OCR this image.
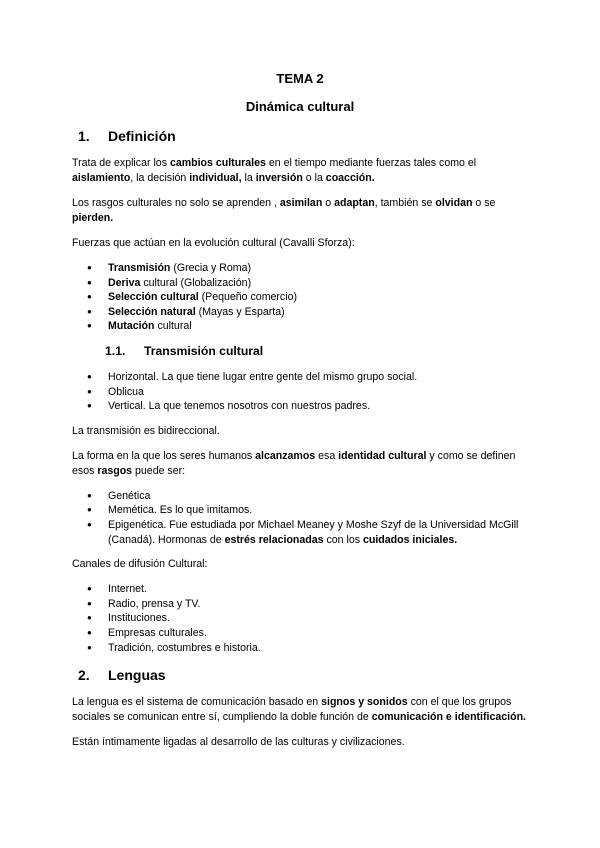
TEMA 2
Dinámica cultural
1.	Definición

Trata de explicar los cambios culturales en el tiempo mediante fuerzas tales como el aislamiento, la decisión individual, la inversión o la coacción.

Los rasgos culturales no solo se aprenden , asimilan o adaptan, también se olvidan o se pierden.

Fuerzas que actúan en la evolución cultural (Cavalli Sforza):

● Transmisión (Grecia y Roma)
● Deriva cultural (Globalización)
● Selección cultural (Pequeño comercio)
● Selección natural (Mayas y Esparta)
● Mutación cultural
1.1.	Transmisión cultural
● Horizontal. La que tiene lugar entre gente del mismo grupo social.
● Oblicua
● Vertical. La que tenemos nosotros con nuestros padres.

La transmisión es bidireccional.

La forma en la que los seres humanos alcanzamos esa identidad cultural y como se definen esos rasgos puede ser:

● Genética
● Memética. Es lo que imitamos.
● Epigenética. Fue estudiada por Michael Meaney y Moshe Szyf de la Universidad McGill (Canadá). Hormonas de estrés relacionadas con los cuidados iniciales.

Canales de difusión Cultural:

● Internet.
● Radio, prensa y TV.
● Instituciones.
● Empresas culturales.
● Tradición, costumbres e historia.
2.	Lenguas

La lengua es el sistema de comunicación basado en signos y sonidos con el que los grupos sociales se comunican entre sí, cumpliendo la doble función de comunicación e identificación.

Están íntimamente ligadas al desarrollo de las culturas y civilizaciones.
